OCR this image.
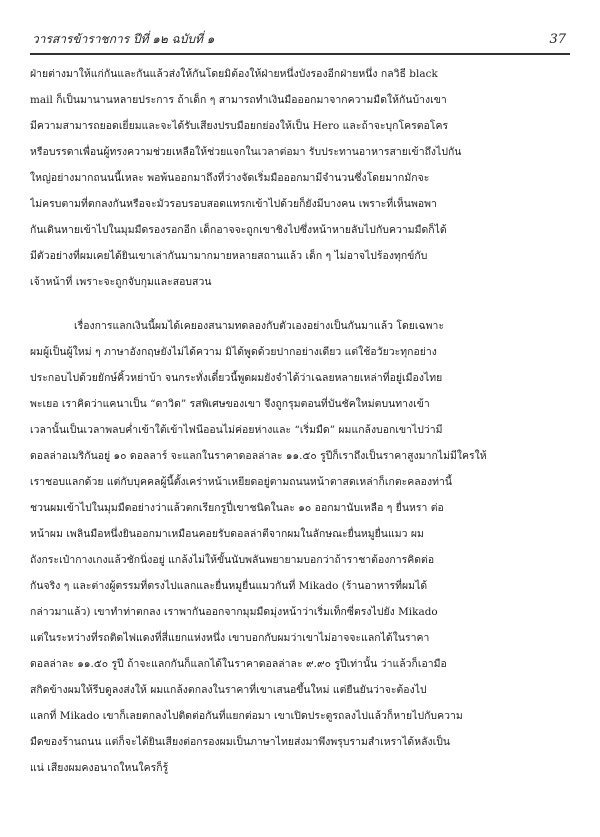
วารสารข้าราชการ ปีที่ ๑๒ ฉบับที่ ๑	37

ฝ่ายต่างมาให้แก่กันและกันแล้วส่งให้กันโดยมิต้องให้ฝ่ายหนึ่งบังรองอีกฝ่ายหนึ่ง กลวิธี black
mail ก็เป็นมานานหลายประการ ถ้าเด็ก ๆ สามารถทำเงินมือออกมาจากความมืดให้กันบ้างเขา
มีความสามารถยอดเยี่ยมและจะได้รับเสียงปรบมือยกย่องให้เป็น Hero และถ้าจะบุกโครตอโคร
หรือบรรดาเพื่อนผู้ทรงความช่วยเหลือให้ช่วยแจกในเวลาต่อมา รับประทานอาหารสายเข้าถึงไปกัน
ใหญ่อย่างมากถนนนี้เหละ พอพ้นออกมาถึงที่ว่างจัดเริ่มมือออกมามีจำนวนซึ่งโดยมากมักจะ
ไม่ครบตามที่ตกลงกันหรือจะมัวรอบรอบสอดแทรกเข้าไปด้วยก็ยังมีบางคน เพราะที่เห็นพอพา
กันเดินหายเข้าไปในมุมมืดรองรอกอีก เด็กอาจจะถูกเขาชิงไปซึ่งหน้าหายลับไปกับความมืดก็ได้
มีตัวอย่างที่ผมเคยได้ยินเขาเล่ากันมามากมายหลายสถานแล้ว เด็ก ๆ ไม่อาจไปร้องทุกข์กับ
เจ้าหน้าที่ เพราะจะถูกจับกุมและสอบสวน

เรื่องการแลกเงินนี้ผมได้เคยองสนามทดลองกับตัวเองอย่างเป็นกันมาแล้ว โดยเฉพาะ
ผมผู้เป็นผู้ใหม่ ๆ ภาษาอังกฤษยังไม่ได้ความ มิได้พูดด้วยปากอย่างเดียว แต่ใช้อวัยวะทุกอย่าง
ประกอบไปด้วยยักษ์คิ้วหย่าบ้า จนกระทั่งเดี๋ยวนี้พูดผมยังจำได้ว่าเฉลยหลายเหล่าที่อยู่เมืองไทย
พะเยอ เราคิดว่าแคนาเป็น “ดาวิด” รสพิเศษของเขา จึงถูกรุมตอนที่บันชัคใหม่ตบนทางเข้า
เวลานั้นเป็นเวลาพลบค่ำเข้าใต้เข้าไฟนีออนไม่ค่อยห่างและ “เริ่มมืด” ผมแกล้งบอกเขาไปว่ามี
ดอลล่าอเมริกันอยู่ ๑๐ ดอลลาร์ จะแลกในราคาดอลล่าละ ๑๑.๕๐ รูปีก็เราถึงเป็นราคาสูงมากไม่มีใครให้
เราชอบแลกด้วย แต่กับบุคคลผู้นี้ตั้งเคร่าหน้าเหยียดอยู่ตามถนนหน้าตาสดเหล่าก็เกตะคลองท่านี้
ชวนผมเข้าไปในมุมมืดอย่างว่าแล้วตกเรียกรูปี่เขาชนิดในละ ๑๐ ออกมานับเหลือ ๆ ยื่นหรา ต่อ
หน้าผม เพลินมือหนึ่งยินออกมาเหมือนคอยรับดอลล่าตีจากผมในลักษณะยื่นหมูยื่นแมว ผม
ถังกระเป๋ากางเกงแล้วชักนิ่งอยู่ แกล้งไม่ให้ขั้นนับพลันพยายามบอกว่าถ้าราชาต้องการคิดต่อ
กันจริง ๆ และต่างผู้ตรรมที่ตรงไปแลกและยื่นหมูยื่นแมวกันที่ Mikado (ร้านอาหารที่ผมได้
กล่าวมาแล้ว) เขาทำท่าตกลง เราพากันออกจากมุมมืดมุ่งหน้าว่าเริ่มเท็กซี่ตรงไปยัง Mikado
แต่ในระหว่างที่รถติดไฟแดงที่สี่แยกแห่งหนึ่ง เขาบอกกับผมว่าเขาไม่อาจจะแลกได้ในราคา
ดอลล่าละ ๑๑.๕๐ รูปี ถ้าจะแลกกันก็แลกได้ในราคาดอลล่าละ ๙.๙๐ รูปีเท่านั้น ว่าแล้วก็เอามือ
สกิดข้างผมให้รีบดูลงส่งให้ ผมแกล้งตกลงในราคาที่เขาเสนอขึ้นใหม่ แต่ยืนยันว่าจะต้องไป
แลกที่ Mikado เขาก็เลยตกลงไปติดต่อกันที่แยกต่อมา เขาเปิดประตูรถลงไปแล้วก็หายไปกับความ
มืดของร้านถนน แต่ก็จะได้ยินเสียงต่อกรองผมเป็นภาษาไทยส่งมาพึงพรุบรามสำเหราได้หลังเป็น
แน่ เสียงผมคงอนาถใหนใครก็รู้
